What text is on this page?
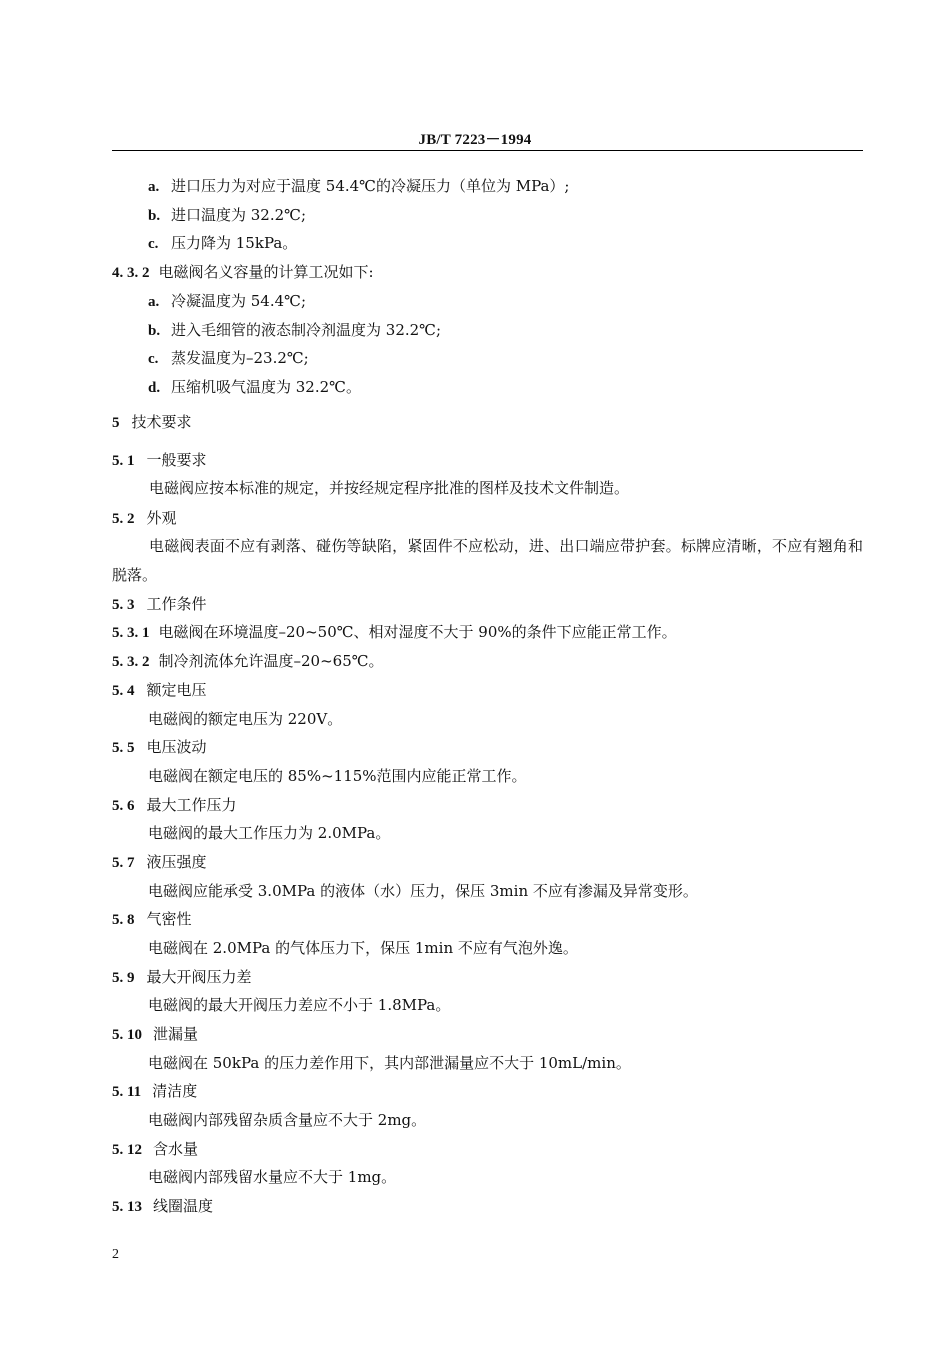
JB/T 7223－1994
a. 进口压力为对应于温度 54.4℃的冷凝压力（单位为 MPa）;
b. 进口温度为 32.2℃;
c. 压力降为 15kPa。
4. 3. 2 电磁阀名义容量的计算工况如下:
a. 冷凝温度为 54.4℃;
b. 进入毛细管的液态制冷剂温度为 32.2℃;
c. 蒸发温度为–23.2℃;
d. 压缩机吸气温度为 32.2℃。
5 技术要求
5. 1 一般要求
电磁阀应按本标准的规定，并按经规定程序批准的图样及技术文件制造。
5. 2 外观
电磁阀表面不应有剥落、碰伤等缺陷，紧固件不应松动，进、出口端应带护套。标牌应清晰，不应有翘角和脱落。
5. 3 工作条件
5. 3. 1 电磁阀在环境温度–20~50℃、相对湿度不大于 90%的条件下应能正常工作。
5. 3. 2 制冷剂流体允许温度–20~65℃。
5. 4 额定电压
电磁阀的额定电压为 220V。
5. 5 电压波动
电磁阀在额定电压的 85%~115%范围内应能正常工作。
5. 6 最大工作压力
电磁阀的最大工作压力为 2.0MPa。
5. 7 液压强度
电磁阀应能承受 3.0MPa 的液体（水）压力，保压 3min 不应有渗漏及异常变形。
5. 8 气密性
电磁阀在 2.0MPa 的气体压力下，保压 1min 不应有气泡外逸。
5. 9 最大开阀压力差
电磁阀的最大开阀压力差应不小于 1.8MPa。
5. 10 泄漏量
电磁阀在 50kPa 的压力差作用下，其内部泄漏量应不大于 10mL/min。
5. 11 清洁度
电磁阀内部残留杂质含量应不大于 2mg。
5. 12 含水量
电磁阀内部残留水量应不大于 1mg。
5. 13 线圈温度
2
